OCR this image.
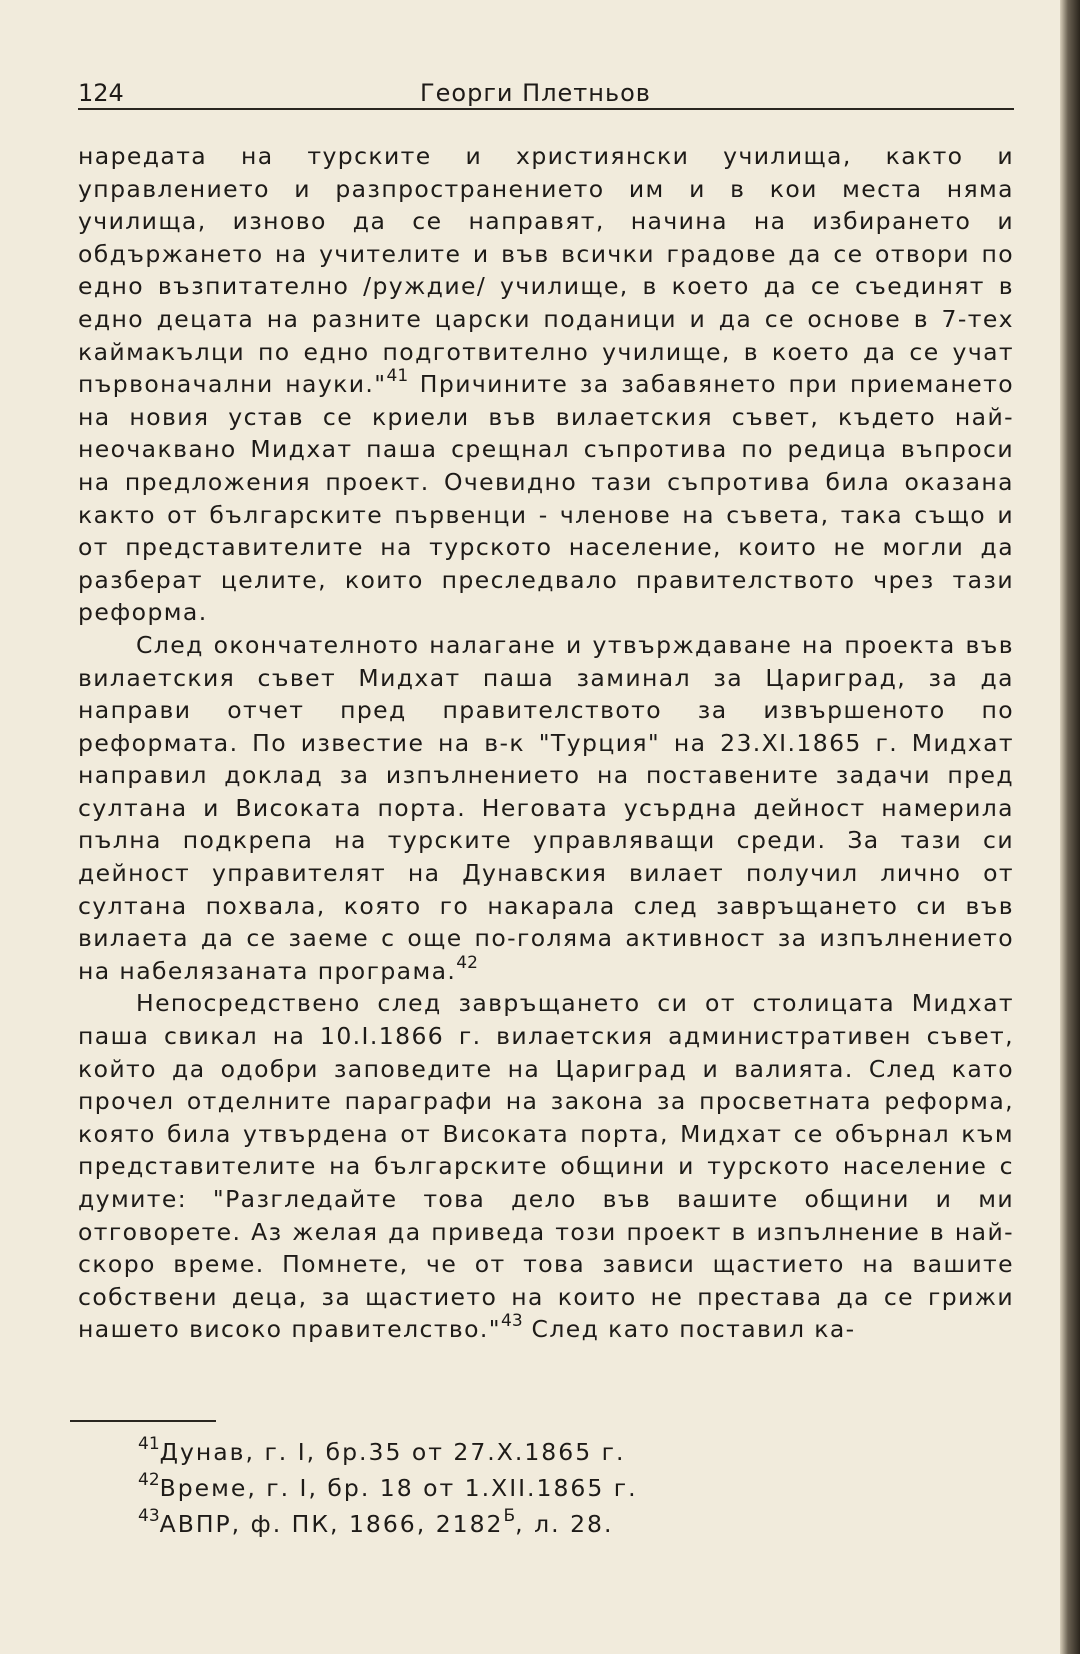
124	Георги Плетньов

наредата на турските и християнски училища, както и управлението и разпространението им и в кои места няма училища, изново да се направят, начина на избирането и обдържането на учителите и във всички градове да се отвори по едно възпитателно /руждие/ училище, в което да се съединят в едно децата на разните царски поданици и да се основе в 7-тех каймакълци по едно подготвително училище, в което да се учат първоначални науки."$^{41}$ Причините за забавянето при приемането на новия устав се криели във вилаетския съвет, където най-неочаквано Мидхат паша срещнал съпротива по редица въпроси на предложения проект. Очевидно тази съпротива била оказана както от българските първенци - членове на съвета, така също и от представителите на турското население, които не могли да разберат целите, които преследвало правителството чрез тази реформа.

След окончателното налагане и утвърждаване на проекта във вилаетския съвет Мидхат паша заминал за Цариград, за да направи отчет пред правителството за извършеното по реформата. По известие на в-к "Турция" на 23.XI.1865 г. Мидхат направил доклад за изпълнението на поставените задачи пред султана и Високата порта. Неговата усърдна дейност намерила пълна подкрепа на турските управляващи среди. За тази си дейност управителят на Дунавския вилает получил лично от султана похвала, която го накарала след завръщането си във вилаета да се заеме с още по-голяма активност за изпълнението на набелязаната програма.$^{42}$

Непосредствено след завръщането си от столицата Мидхат паша свикал на 10.I.1866 г. вилаетския административен съвет, който да одобри заповедите на Цариград и валията. След като прочел отделните параграфи на закона за просветната реформа, която била утвърдена от Високата порта, Мидхат се обърнал към представителите на българските общини и турското население с думите: "Разгледайте това дело във вашите общини и ми отговорете. Аз желая да приведа този проект в изпълнение в най-скоро време. Помнете, че от това зависи щастието на вашите собствени деца, за щастието на които не престава да се грижи нашето високо правителство."$^{43}$ След като поставил ка-

$^{41}$Дунав, г. I, бр.35 от 27.X.1865 г.

$^{42}$Време, г. I, бр. 18 от 1.XII.1865 г.

$^{43}$АВПР, ф. ПК, 1866, 2182$^Б$, л. 28.
